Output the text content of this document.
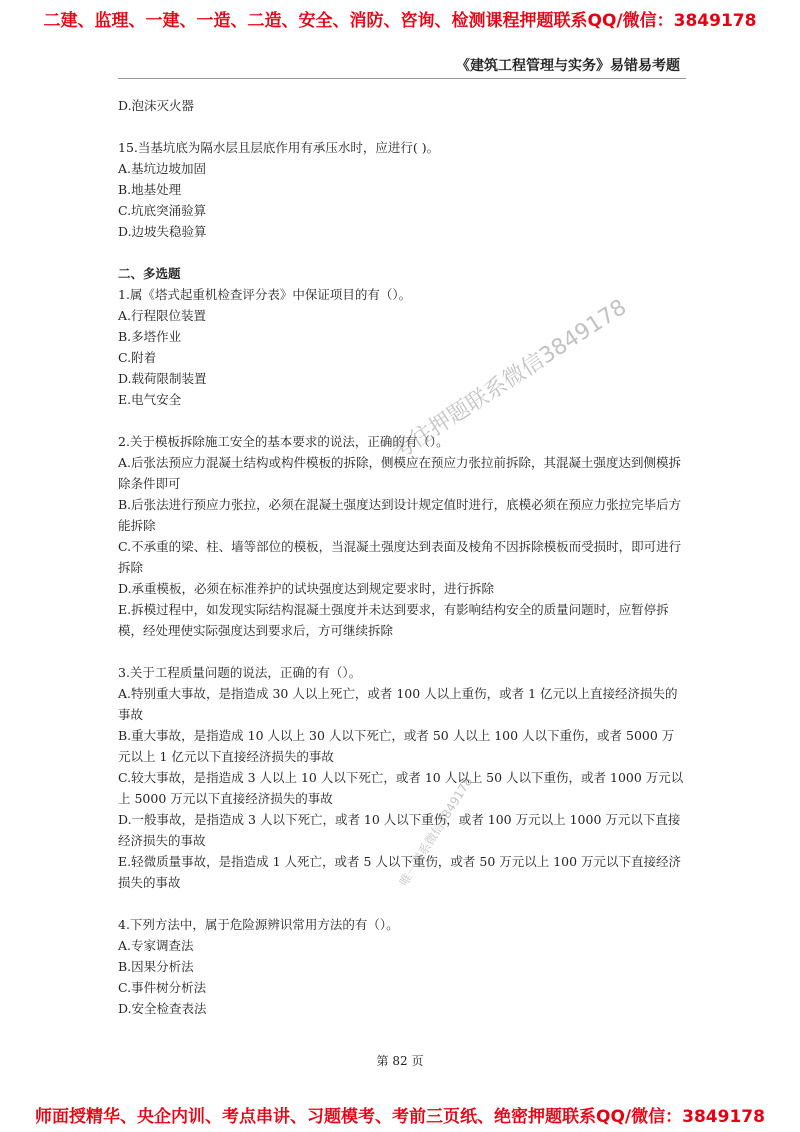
二建、监理、一建、一造、二造、安全、消防、咨询、检测课程押题联系QQ/微信：3849178
《建筑工程管理与实务》易错易考题
D.泡沫灭火器
15.当基坑底为隔水层且层底作用有承压水时，应进行( )。
A.基坑边坡加固
B.地基处理
C.坑底突涌验算
D.边坡失稳验算
二、多选题
1.属《塔式起重机检查评分表》中保证项目的有（）。
A.行程限位装置
B.多塔作业
C.附着
D.载荷限制装置
E.电气安全
2.关于模板拆除施工安全的基本要求的说法，正确的有（）。
A.后张法预应力混凝土结构或构件模板的拆除，侧模应在预应力张拉前拆除，其混凝土强度达到侧模拆除条件即可
B.后张法进行预应力张拉，必须在混凝土强度达到设计规定值时进行，底模必须在预应力张拉完毕后方能拆除
C.不承重的梁、柱、墙等部位的模板，当混凝土强度达到表面及棱角不因拆除模板而受损时，即可进行拆除
D.承重模板，必须在标准养护的试块强度达到规定要求时，进行拆除
E.拆模过程中，如发现实际结构混凝土强度并未达到要求，有影响结构安全的质量问题时，应暂停拆模，经处理使实际强度达到要求后，方可继续拆除
3.关于工程质量问题的说法，正确的有（）。
A.特别重大事故，是指造成 30 人以上死亡，或者 100 人以上重伤，或者 1 亿元以上直接经济损失的事故
B.重大事故，是指造成 10 人以上 30 人以下死亡，或者 50 人以上 100 人以下重伤，或者 5000 万元以上 1 亿元以下直接经济损失的事故
C.较大事故，是指造成 3 人以上 10 人以下死亡，或者 10 人以上 50 人以下重伤，或者 1000 万元以上 5000 万元以下直接经济损失的事故
D.一般事故，是指造成 3 人以下死亡，或者 10 人以下重伤，或者 100 万元以上 1000 万元以下直接经济损失的事故
E.轻微质量事故，是指造成 1 人死亡，或者 5 人以下重伤，或者 50 万元以上 100 万元以下直接经济损失的事故
4.下列方法中，属于危险源辨识常用方法的有（）。
A.专家调查法
B.因果分析法
C.事件树分析法
D.安全检查表法
考往押题联系微信3849178
唯一联系微信3849178
第 82 页
师面授精华、央企内训、考点串讲、习题模考、考前三页纸、绝密押题联系QQ/微信：3849178
